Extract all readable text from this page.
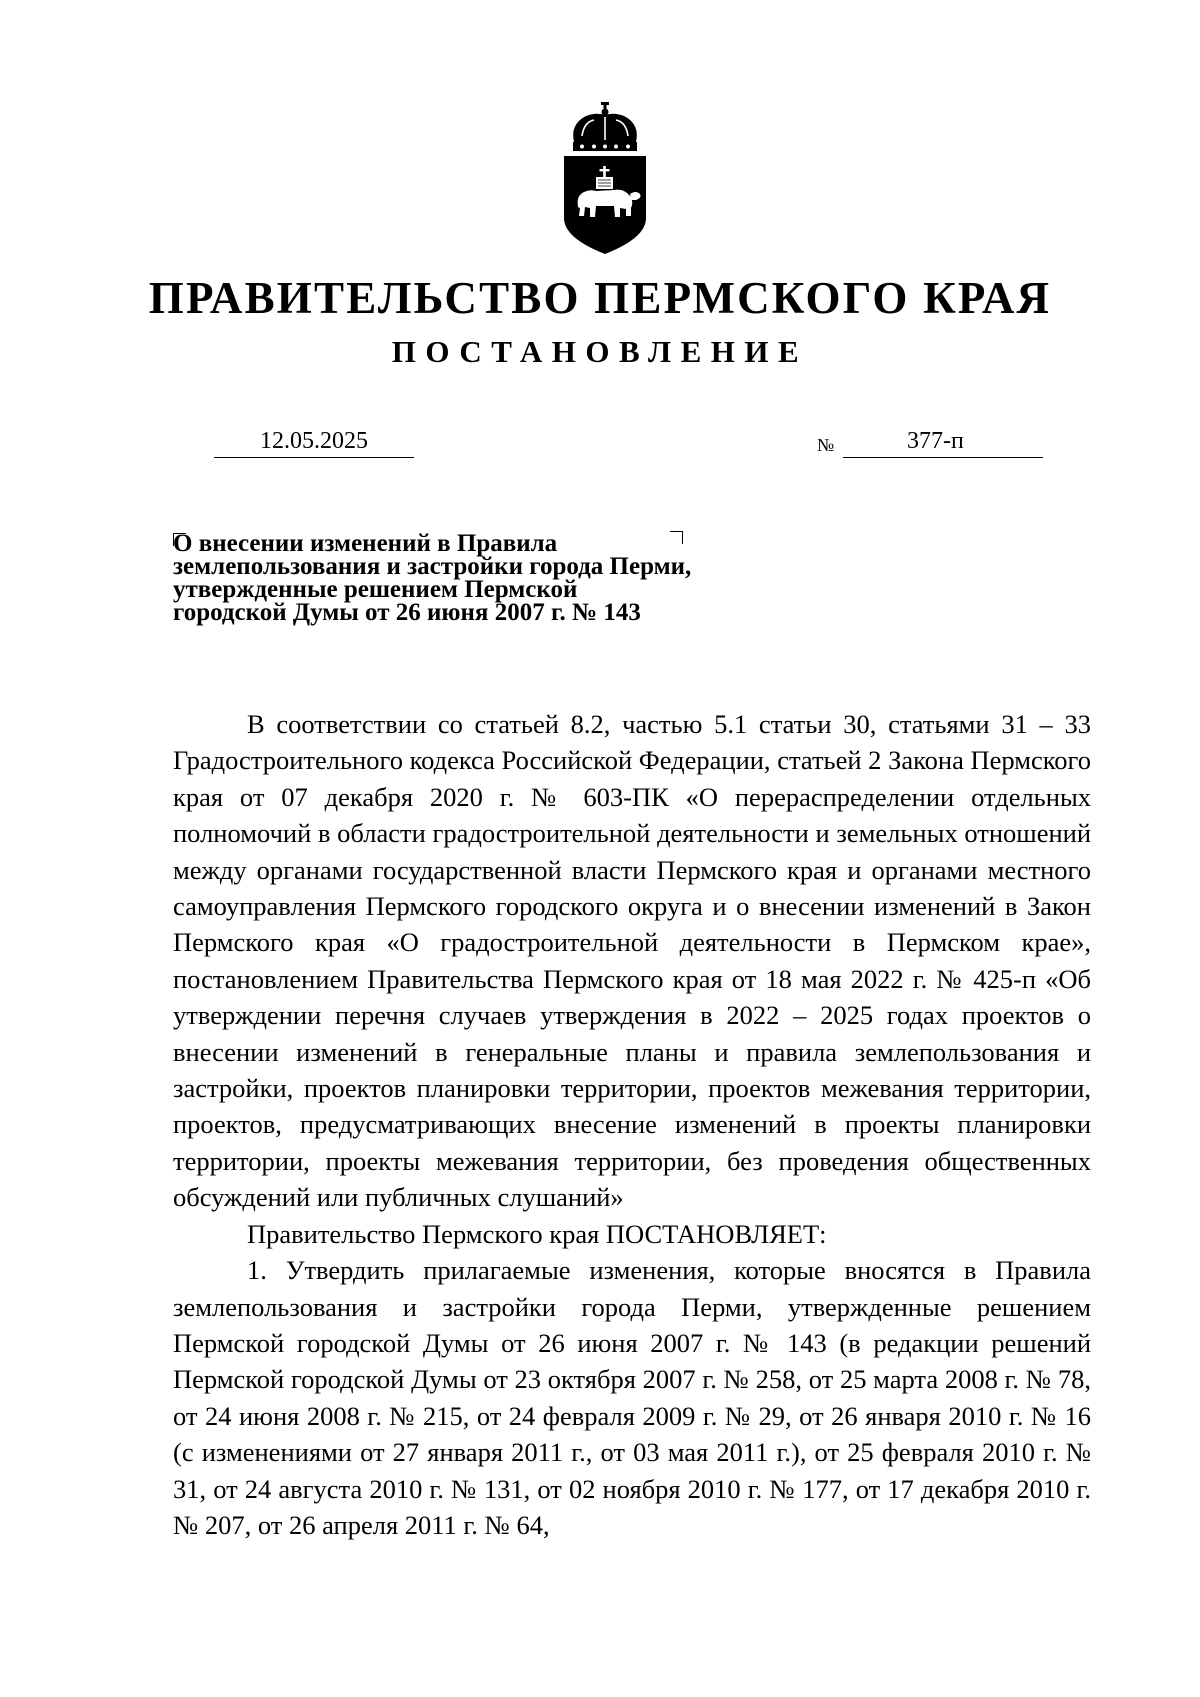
ПРАВИТЕЛЬСТВО ПЕРМСКОГО КРАЯ
ПОСТАНОВЛЕНИЕ
12.05.2025	№	377-п
О внесении изменений в Правила землепользования и застройки города Перми, утвержденные решением Пермской городской Думы от 26 июня 2007 г. № 143

В соответствии со статьей 8.2, частью 5.1 статьи 30, статьями 31 – 33 Градостроительного кодекса Российской Федерации, статьей 2 Закона Пермского края от 07 декабря 2020 г. № 603-ПК «О перераспределении отдельных полномочий в области градостроительной деятельности и земельных отношений между органами государственной власти Пермского края и органами местного самоуправления Пермского городского округа и о внесении изменений в Закон Пермского края «О градостроительной деятельности в Пермском крае», постановлением Правительства Пермского края от 18 мая 2022 г. № 425-п «Об утверждении перечня случаев утверждения в 2022 – 2025 годах проектов о внесении изменений в генеральные планы и правила землепользования и застройки, проектов планировки территории, проектов межевания территории, проектов, предусматривающих внесение изменений в проекты планировки территории, проекты межевания территории, без проведения общественных обсуждений или публичных слушаний»

Правительство Пермского края ПОСТАНОВЛЯЕТ:

1. Утвердить прилагаемые изменения, которые вносятся в Правила землепользования и застройки города Перми, утвержденные решением Пермской городской Думы от 26 июня 2007 г. № 143 (в редакции решений Пермской городской Думы от 23 октября 2007 г. № 258, от 25 марта 2008 г. № 78, от 24 июня 2008 г. № 215, от 24 февраля 2009 г. № 29, от 26 января 2010 г. № 16 (с изменениями от 27 января 2011 г., от 03 мая 2011 г.), от 25 февраля 2010 г. № 31, от 24 августа 2010 г. № 131, от 02 ноября 2010 г. № 177, от 17 декабря 2010 г. № 207, от 26 апреля 2011 г. № 64,
